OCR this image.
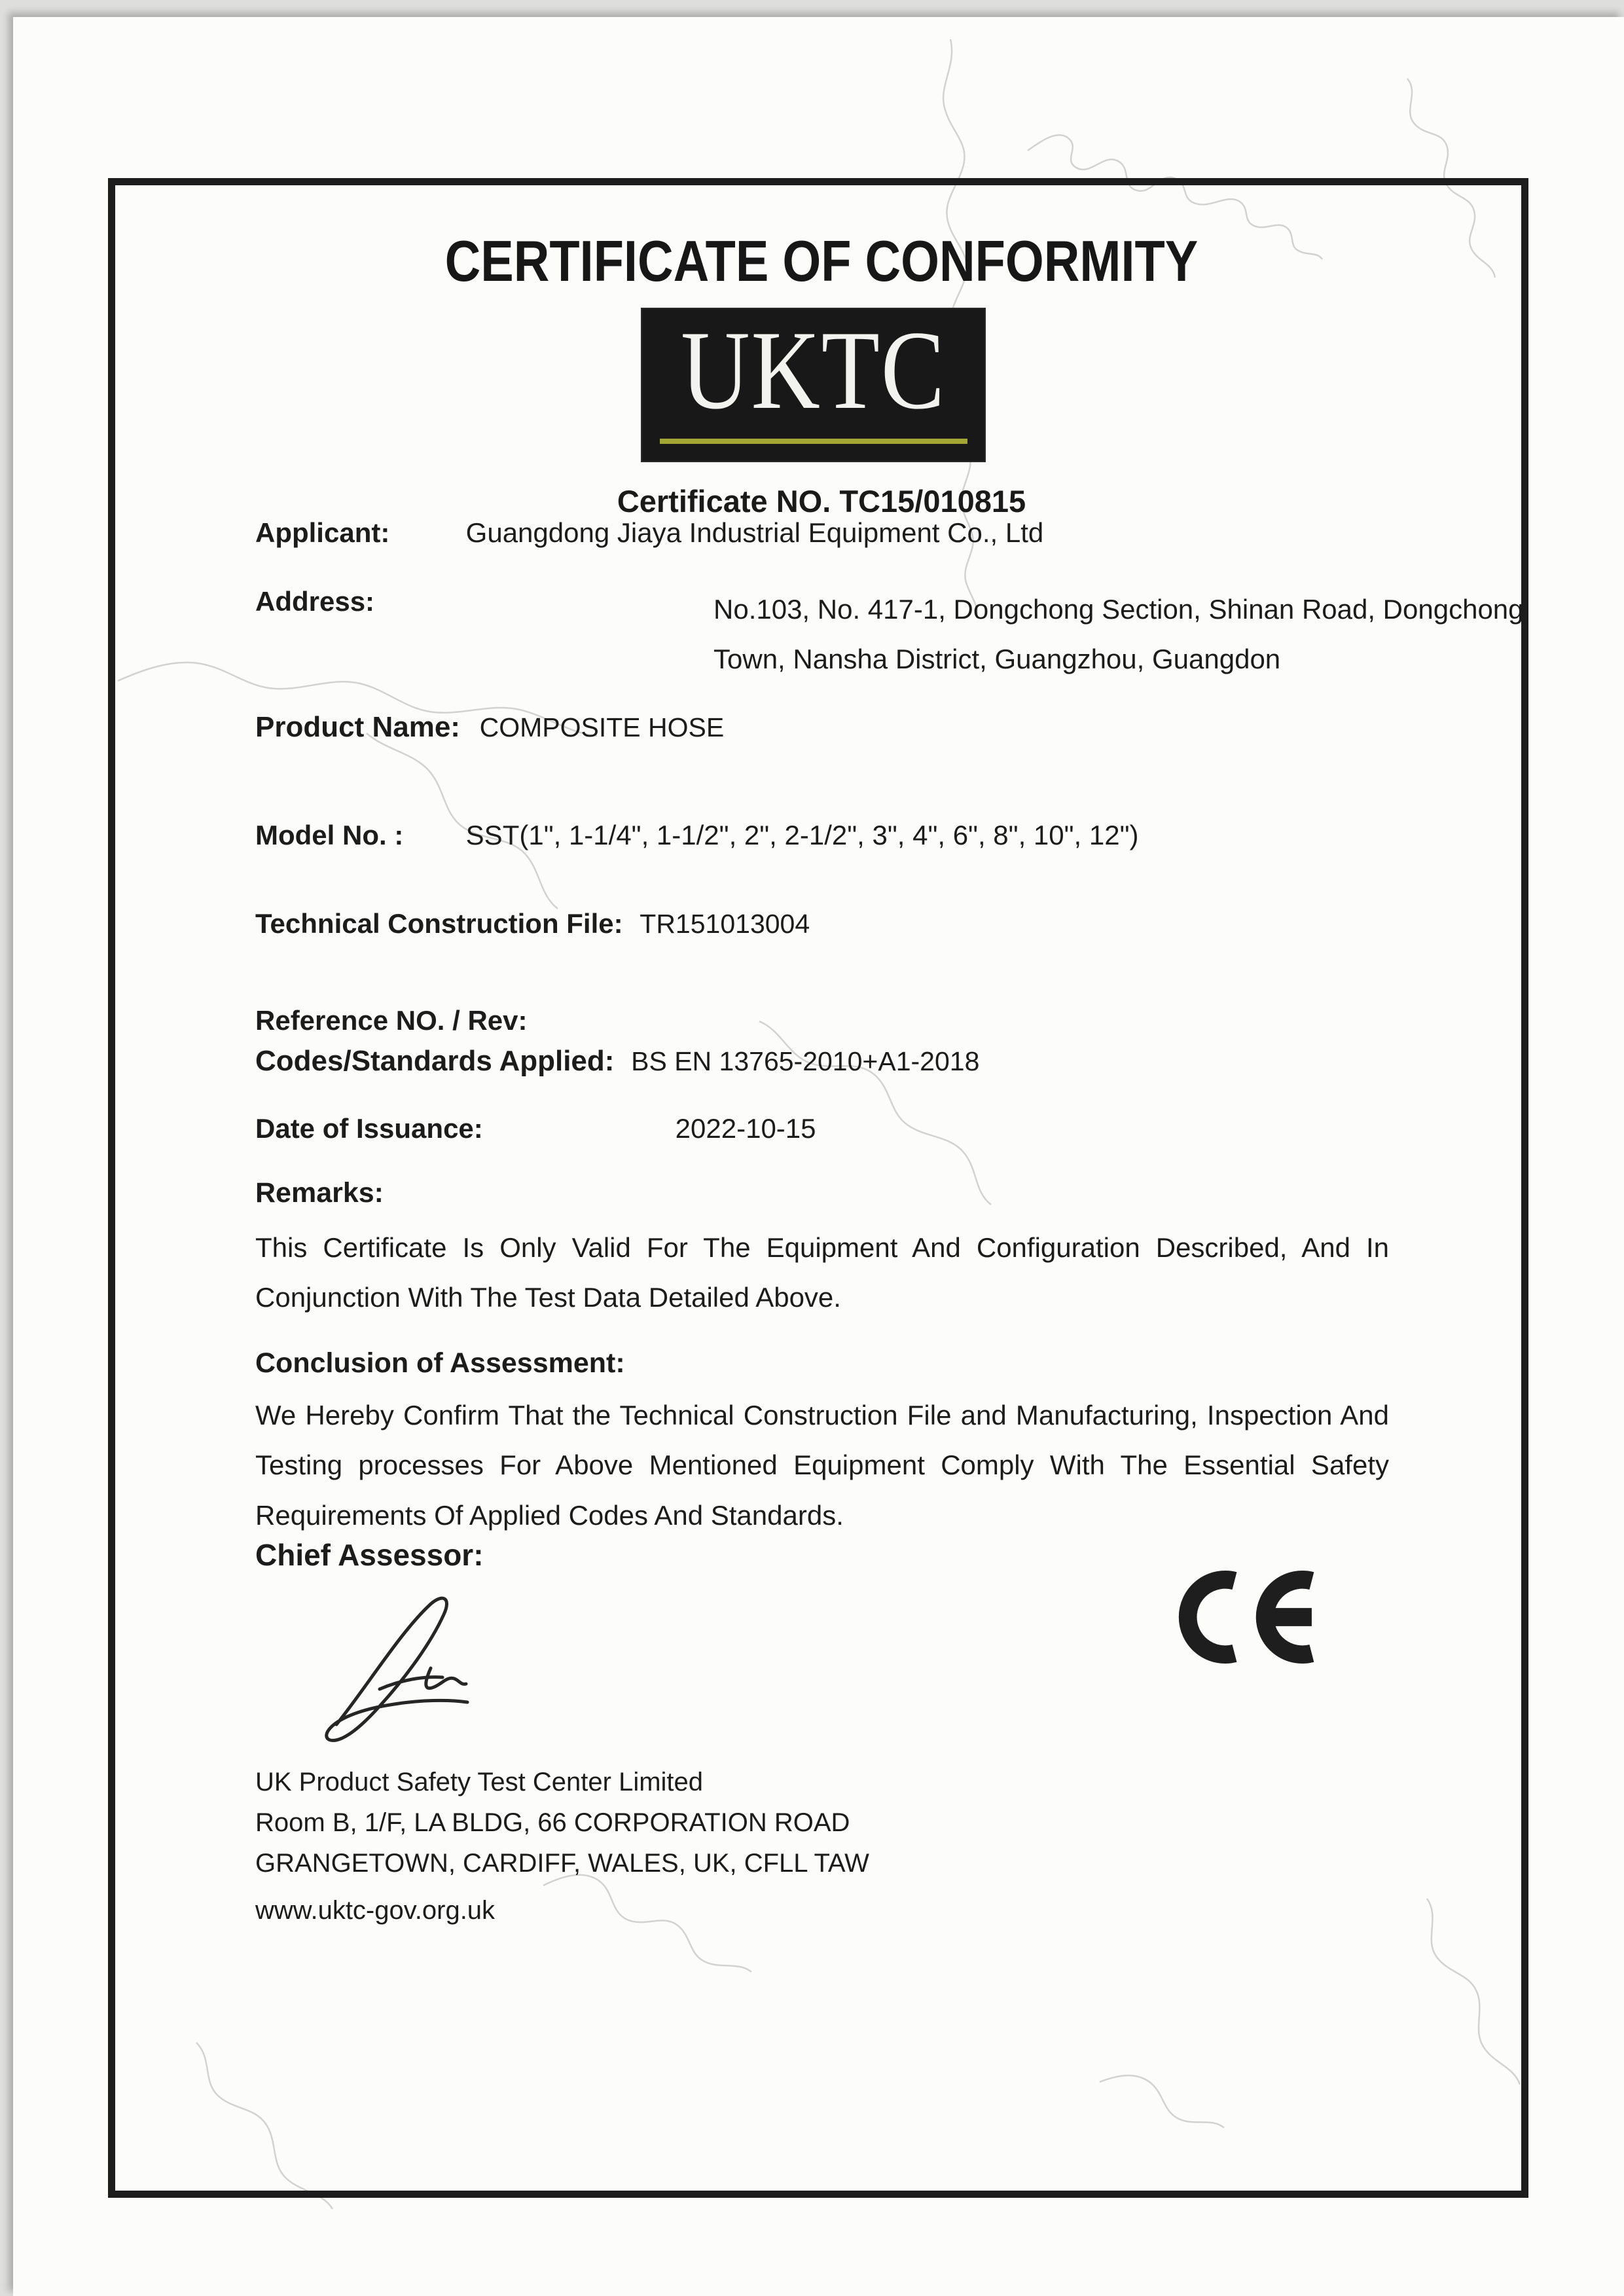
CERTIFICATE OF CONFORMITY
UKTC
Certificate NO. TC15/010815
Applicant:	Guangdong Jiaya Industrial Equipment Co., Ltd
Address:	No.103, No. 417-1, Dongchong Section, Shinan Road, Dongchong
Town, Nansha District, Guangzhou, Guangdon
Product Name: COMPOSITE HOSE
Model No. : SST(1", 1-1/4", 1-1/2", 2", 2-1/2", 3", 4", 6", 8", 10", 12")
Technical Construction File: TR151013004
Reference NO. / Rev:
Codes/Standards Applied: BS EN 13765-2010+A1-2018
Date of Issuance:	2022-10-15
Remarks:
This Certificate Is Only Valid For The Equipment And Configuration Described, And In Conjunction With The Test Data Detailed Above.
Conclusion of Assessment:
We Hereby Confirm That the Technical Construction File and Manufacturing, Inspection And Testing processes For Above Mentioned Equipment Comply With The Essential Safety Requirements Of Applied Codes And Standards.
Chief Assessor:
UK Product Safety Test Center Limited
Room B, 1/F, LA BLDG, 66 CORPORATION ROAD
GRANGETOWN, CARDIFF, WALES, UK, CFLL TAW
www.uktc-gov.org.uk
